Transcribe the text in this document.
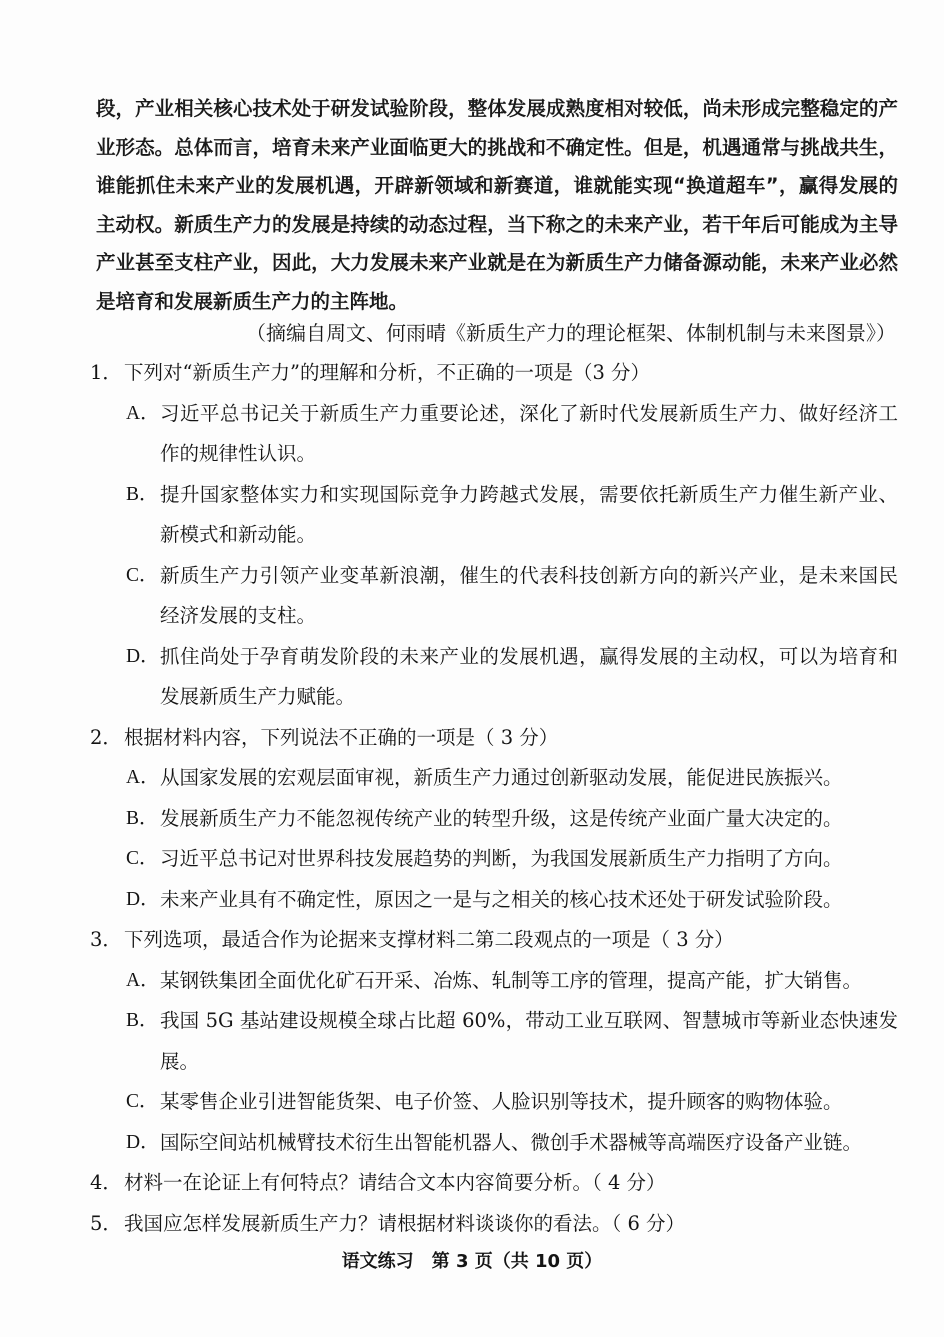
段，产业相关核心技术处于研发试验阶段，整体发展成熟度相对较低，尚未形成完整稳定的产业形态。总体而言，培育未来产业面临更大的挑战和不确定性。但是，机遇通常与挑战共生，谁能抓住未来产业的发展机遇，开辟新领域和新赛道，谁就能实现“换道超车”，赢得发展的主动权。新质生产力的发展是持续的动态过程，当下称之的未来产业，若干年后可能成为主导产业甚至支柱产业，因此，大力发展未来产业就是在为新质生产力储备源动能，未来产业必然是培育和发展新质生产力的主阵地。
（摘编自周文、何雨晴《新质生产力的理论框架、体制机制与未来图景》）
1． 下列对“新质生产力”的理解和分析，不正确的一项是（3 分）
A． 习近平总书记关于新质生产力重要论述，深化了新时代发展新质生产力、做好经济工作的规律性认识。
B． 提升国家整体实力和实现国际竞争力跨越式发展，需要依托新质生产力催生新产业、新模式和新动能。
C． 新质生产力引领产业变革新浪潮，催生的代表科技创新方向的新兴产业，是未来国民经济发展的支柱。
D． 抓住尚处于孕育萌发阶段的未来产业的发展机遇，赢得发展的主动权，可以为培育和发展新质生产力赋能。
2． 根据材料内容，下列说法不正确的一项是（ 3 分）
A． 从国家发展的宏观层面审视，新质生产力通过创新驱动发展，能促进民族振兴。
B． 发展新质生产力不能忽视传统产业的转型升级，这是传统产业面广量大决定的。
C． 习近平总书记对世界科技发展趋势的判断，为我国发展新质生产力指明了方向。
D． 未来产业具有不确定性，原因之一是与之相关的核心技术还处于研发试验阶段。
3． 下列选项，最适合作为论据来支撑材料二第二段观点的一项是（ 3 分）
A． 某钢铁集团全面优化矿石开采、冶炼、轧制等工序的管理，提高产能，扩大销售。
B． 我国 5G 基站建设规模全球占比超 60%，带动工业互联网、智慧城市等新业态快速发展。
C． 某零售企业引进智能货架、电子价签、人脸识别等技术，提升顾客的购物体验。
D． 国际空间站机械臂技术衍生出智能机器人、微创手术器械等高端医疗设备产业链。
4． 材料一在论证上有何特点？请结合文本内容简要分析。（ 4 分）
5． 我国应怎样发展新质生产力？请根据材料谈谈你的看法。（ 6 分）
语文练习　第 3 页（共 10 页）
